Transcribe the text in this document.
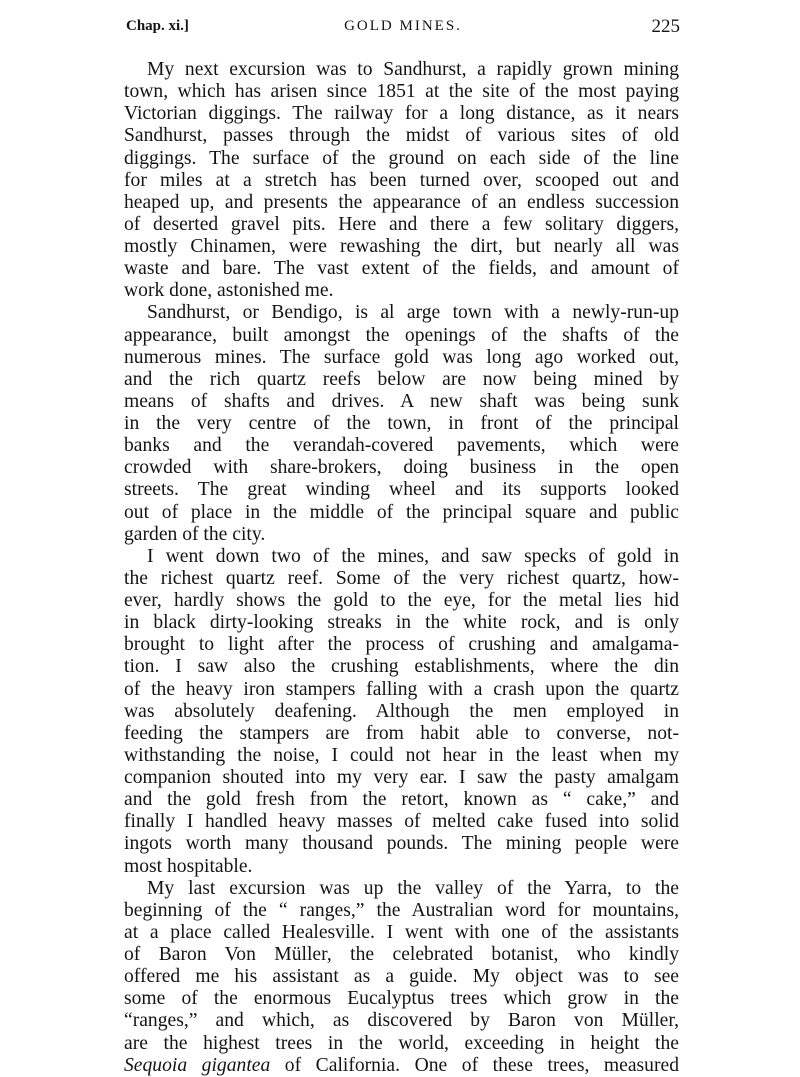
Chap. xi.]	GOLD MINES.	225
My next excursion was to Sandhurst, a rapidly grown mining
town, which has arisen since 1851 at the site of the most paying
Victorian diggings. The railway for a long distance, as it nears
Sandhurst, passes through the midst of various sites of old
diggings. The surface of the ground on each side of the line
for miles at a stretch has been turned over, scooped out and
heaped up, and presents the appearance of an endless succession
of deserted gravel pits. Here and there a few solitary diggers,
mostly Chinamen, were rewashing the dirt, but nearly all was
waste and bare. The vast extent of the fields, and amount of
work done, astonished me.
Sandhurst, or Bendigo, is al arge town with a newly-run-up
appearance, built amongst the openings of the shafts of the
numerous mines. The surface gold was long ago worked out,
and the rich quartz reefs below are now being mined by
means of shafts and drives. A new shaft was being sunk
in the very centre of the town, in front of the principal
banks and the verandah-covered pavements, which were
crowded with share-brokers, doing business in the open
streets. The great winding wheel and its supports looked
out of place in the middle of the principal square and public
garden of the city.
I went down two of the mines, and saw specks of gold in
the richest quartz reef. Some of the very richest quartz, how-
ever, hardly shows the gold to the eye, for the metal lies hid
in black dirty-looking streaks in the white rock, and is only
brought to light after the process of crushing and amalgama-
tion. I saw also the crushing establishments, where the din
of the heavy iron stampers falling with a crash upon the quartz
was absolutely deafening. Although the men employed in
feeding the stampers are from habit able to converse, not-
withstanding the noise, I could not hear in the least when my
companion shouted into my very ear. I saw the pasty amalgam
and the gold fresh from the retort, known as “ cake,” and
finally I handled heavy masses of melted cake fused into solid
ingots worth many thousand pounds. The mining people were
most hospitable.
My last excursion was up the valley of the Yarra, to the
beginning of the “ ranges,” the Australian word for mountains,
at a place called Healesville. I went with one of the assistants
of Baron Von Müller, the celebrated botanist, who kindly
offered me his assistant as a guide. My object was to see
some of the enormous Eucalyptus trees which grow in the
“ranges,” and which, as discovered by Baron von Müller,
are the highest trees in the world, exceeding in height the
Sequoia gigantea of California. One of these trees, measured
